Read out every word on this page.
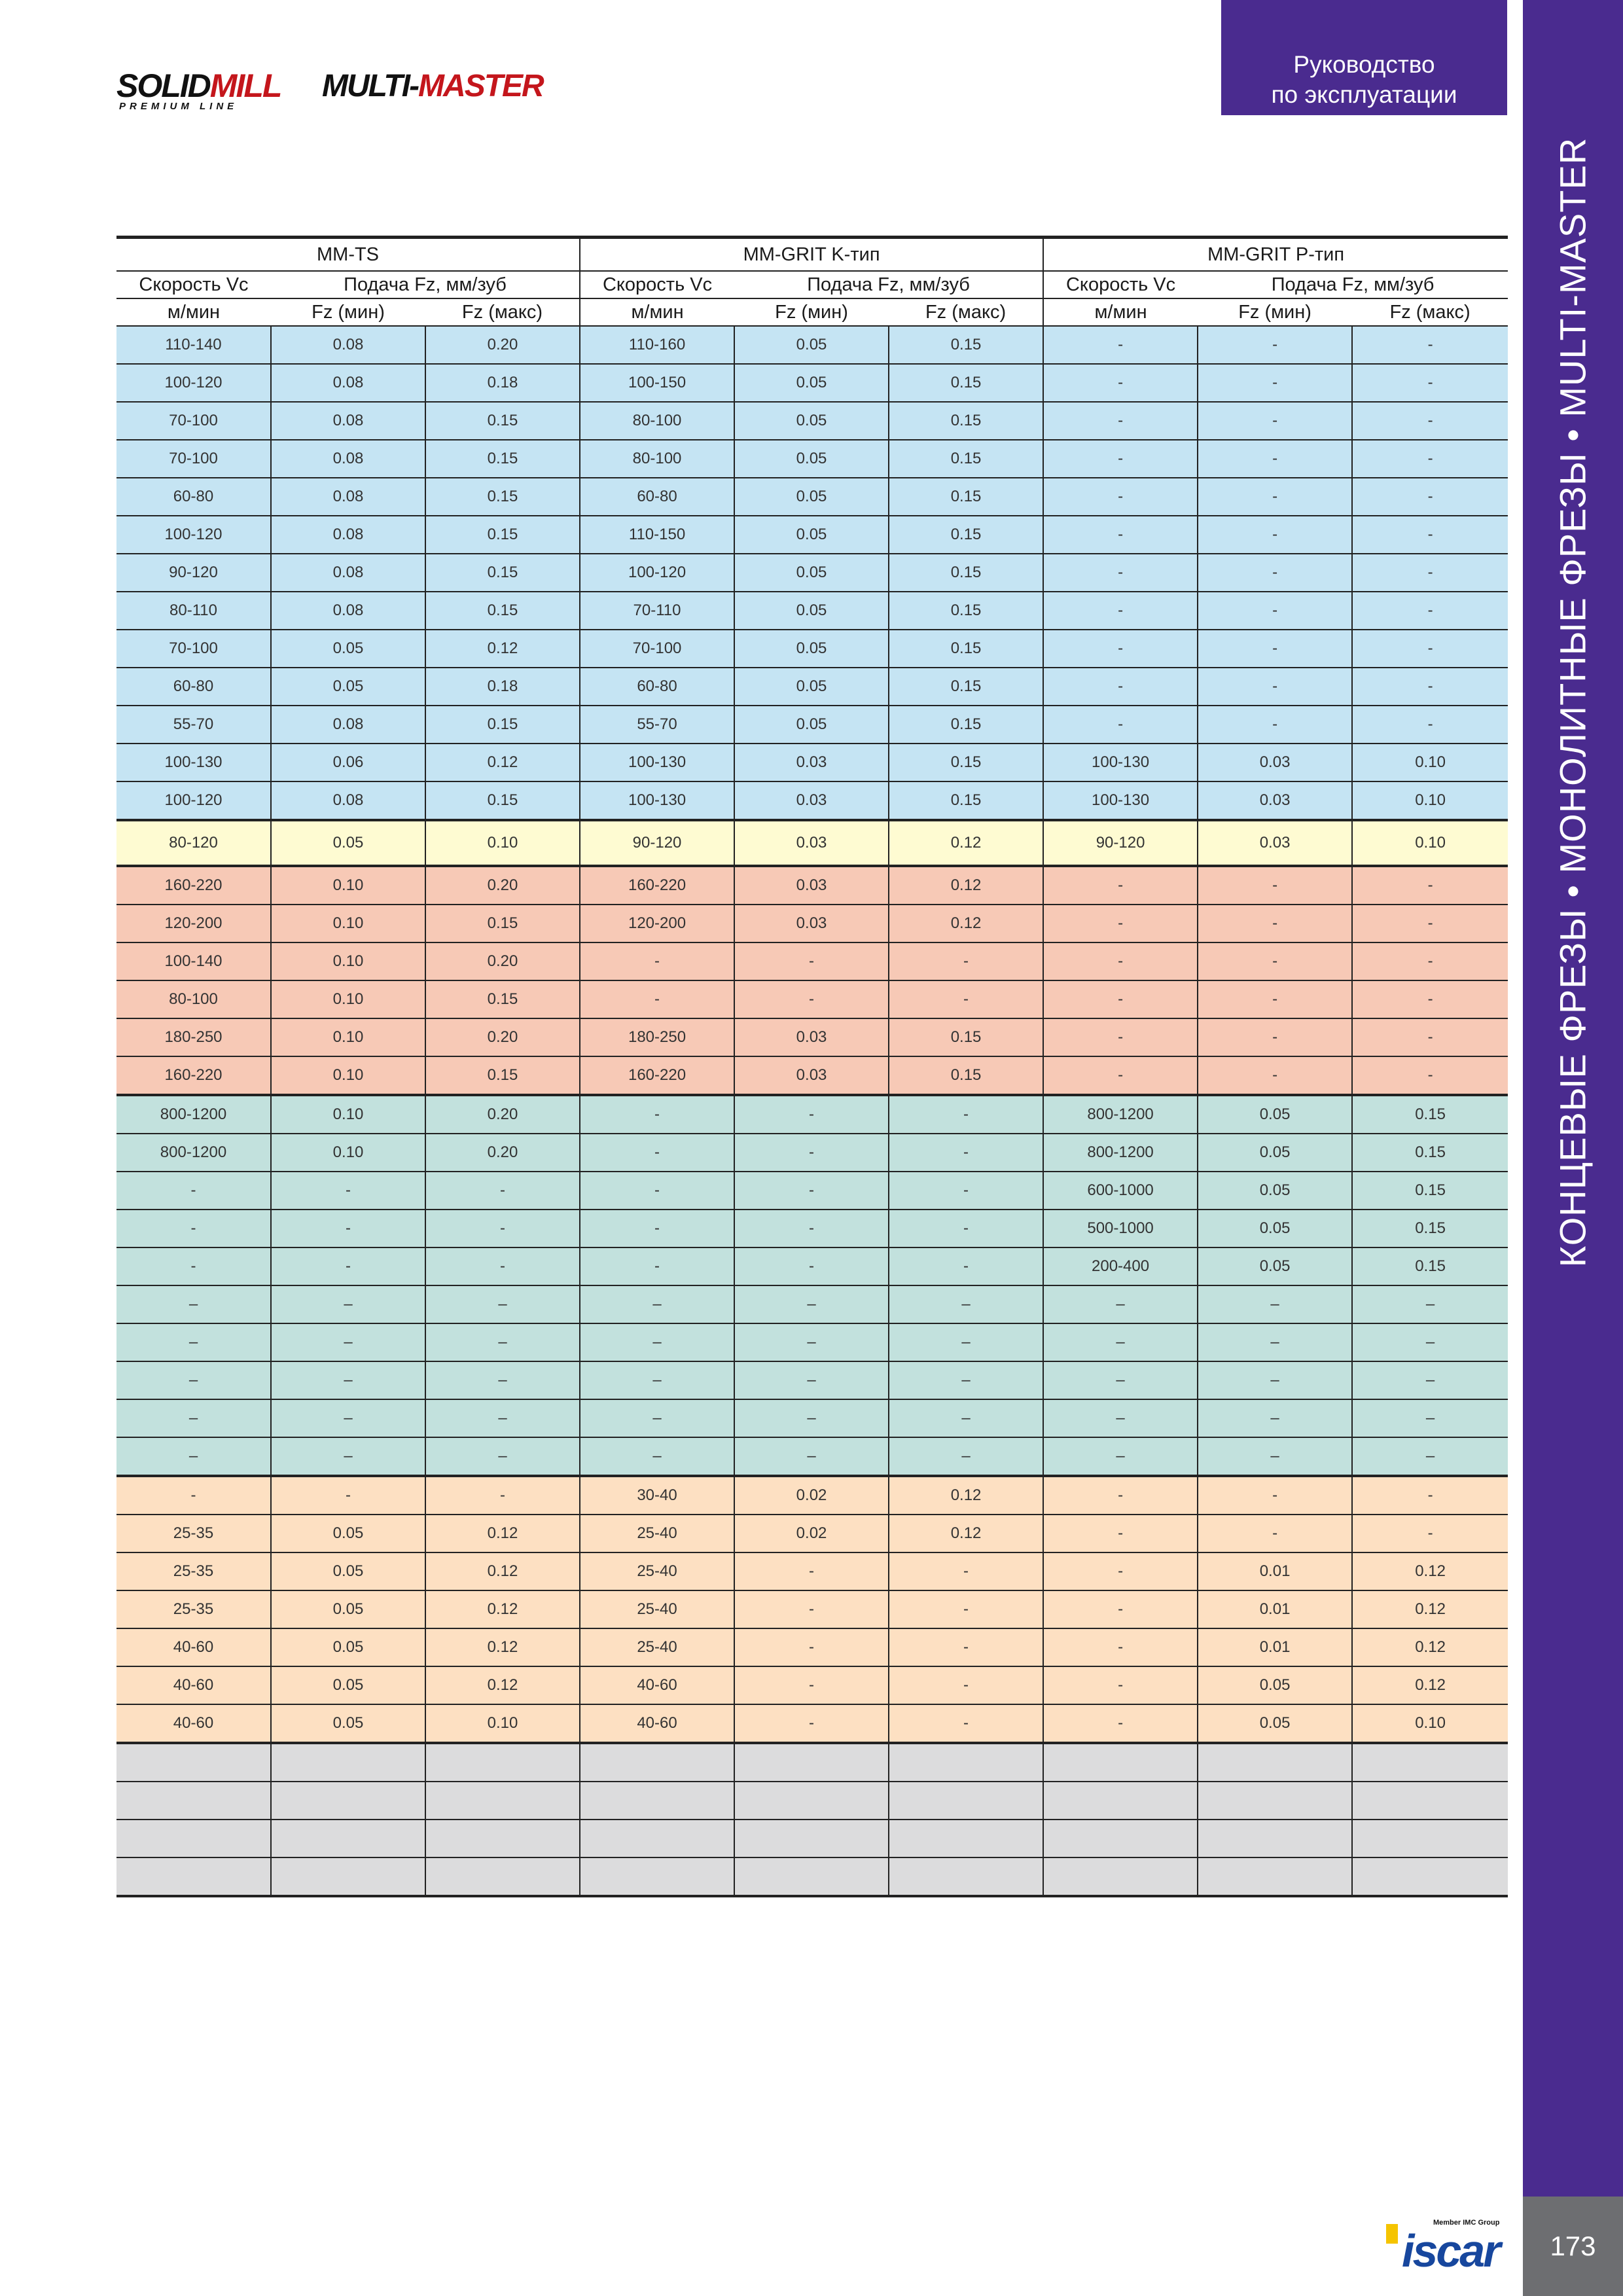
SOLIDMILL
PREMIUM LINE
MULTI-MASTER
Руководство
по эксплуатации
КОНЦЕВЫЕ ФРЕЗЫ • МОНОЛИТНЫЕ ФРЕЗЫ • MULTI-MASTER
173
Member IMC Group
iscar
MM-TS			MM-GRIT K-тип			MM-GRIT P-тип		
Скорость Vc	Подача Fz, мм/зуб		Скорость Vc	Подача Fz, мм/зуб		Скорость Vc	Подача Fz, мм/зуб	
м/мин	Fz (мин)	Fz (макс)	м/мин	Fz (мин)	Fz (макс)	м/мин	Fz (мин)	Fz (макс)
110-140	0.08	0.20	110-160	0.05	0.15	-	-	-
100-120	0.08	0.18	100-150	0.05	0.15	-	-	-
70-100	0.08	0.15	80-100	0.05	0.15	-	-	-
70-100	0.08	0.15	80-100	0.05	0.15	-	-	-
60-80	0.08	0.15	60-80	0.05	0.15	-	-	-
100-120	0.08	0.15	110-150	0.05	0.15	-	-	-
90-120	0.08	0.15	100-120	0.05	0.15	-	-	-
80-110	0.08	0.15	70-110	0.05	0.15	-	-	-
70-100	0.05	0.12	70-100	0.05	0.15	-	-	-
60-80	0.05	0.18	60-80	0.05	0.15	-	-	-
55-70	0.08	0.15	55-70	0.05	0.15	-	-	-
100-130	0.06	0.12	100-130	0.03	0.15	100-130	0.03	0.10
100-120	0.08	0.15	100-130	0.03	0.15	100-130	0.03	0.10
80-120	0.05	0.10	90-120	0.03	0.12	90-120	0.03	0.10
160-220	0.10	0.20	160-220	0.03	0.12	-	-	-
120-200	0.10	0.15	120-200	0.03	0.12	-	-	-
100-140	0.10	0.20	-	-	-	-	-	-
80-100	0.10	0.15	-	-	-	-	-	-
180-250	0.10	0.20	180-250	0.03	0.15	-	-	-
160-220	0.10	0.15	160-220	0.03	0.15	-	-	-
800-1200	0.10	0.20	-	-	-	800-1200	0.05	0.15
800-1200	0.10	0.20	-	-	-	800-1200	0.05	0.15
-	-	-	-	-	-	600-1000	0.05	0.15
-	-	-	-	-	-	500-1000	0.05	0.15
-	-	-	-	-	-	200-400	0.05	0.15
–	–	–	–	–	–	–	–	–
–	–	–	–	–	–	–	–	–
–	–	–	–	–	–	–	–	–
–	–	–	–	–	–	–	–	–
–	–	–	–	–	–	–	–	–
-	-	-	30-40	0.02	0.12	-	-	-
25-35	0.05	0.12	25-40	0.02	0.12	-	-	-
25-35	0.05	0.12	25-40	-	-	-	0.01	0.12
25-35	0.05	0.12	25-40	-	-	-	0.01	0.12
40-60	0.05	0.12	25-40	-	-	-	0.01	0.12
40-60	0.05	0.12	40-60	-	-	-	0.05	0.12
40-60	0.05	0.10	40-60	-	-	-	0.05	0.10
